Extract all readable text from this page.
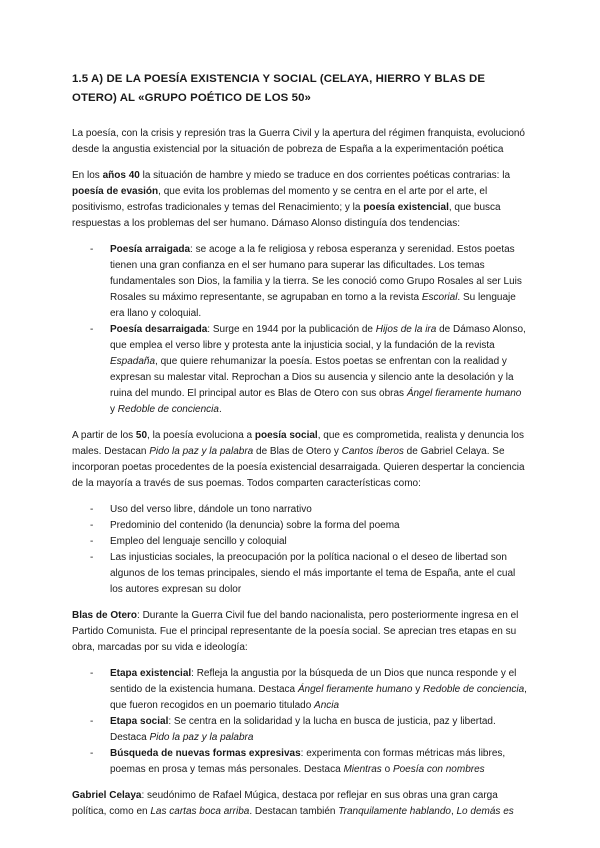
1.5 A) DE LA POESÍA EXISTENCIA Y SOCIAL (CELAYA, HIERRO Y BLAS DE OTERO) AL «GRUPO POÉTICO DE LOS 50»

La poesía, con la crisis y represión tras la Guerra Civil y la apertura del régimen franquista, evolucionó desde la angustia existencial por la situación de pobreza de España a la experimentación poética

En los años 40 la situación de hambre y miedo se traduce en dos corrientes poéticas contrarias: la poesía de evasión, que evita los problemas del momento y se centra en el arte por el arte, el positivismo, estrofas tradicionales y temas del Renacimiento; y la poesía existencial, que busca respuestas a los problemas del ser humano. Dámaso Alonso distinguía dos tendencias:

- Poesía arraigada: se acoge a la fe religiosa y rebosa esperanza y serenidad. Estos poetas tienen una gran confianza en el ser humano para superar las dificultades. Los temas fundamentales son Dios, la familia y la tierra. Se les conoció como Grupo Rosales al ser Luis Rosales su máximo representante, se agrupaban en torno a la revista Escorial. Su lenguaje era llano y coloquial.
- Poesía desarraigada: Surge en 1944 por la publicación de Hijos de la ira de Dámaso Alonso, que emplea el verso libre y protesta ante la injusticia social, y la fundación de la revista Espadaña, que quiere rehumanizar la poesía. Estos poetas se enfrentan con la realidad y expresan su malestar vital. Reprochan a Dios su ausencia y silencio ante la desolación y la ruina del mundo. El principal autor es Blas de Otero con sus obras Ángel fieramente humano y Redoble de conciencia.

A partir de los 50, la poesía evoluciona a poesía social, que es comprometida, realista y denuncia los males. Destacan Pido la paz y la palabra de Blas de Otero y Cantos íberos de Gabriel Celaya. Se incorporan poetas procedentes de la poesía existencial desarraigada. Quieren despertar la conciencia de la mayoría a través de sus poemas. Todos comparten características como:

- Uso del verso libre, dándole un tono narrativo
- Predominio del contenido (la denuncia) sobre la forma del poema
- Empleo del lenguaje sencillo y coloquial
- Las injusticias sociales, la preocupación por la política nacional o el deseo de libertad son algunos de los temas principales, siendo el más importante el tema de España, ante el cual los autores expresan su dolor

Blas de Otero: Durante la Guerra Civil fue del bando nacionalista, pero posteriormente ingresa en el Partido Comunista. Fue el principal representante de la poesía social. Se aprecian tres etapas en su obra, marcadas por su vida e ideología:

- Etapa existencial: Refleja la angustia por la búsqueda de un Dios que nunca responde y el sentido de la existencia humana. Destaca Ángel fieramente humano y Redoble de conciencia, que fueron recogidos en un poemario titulado Ancia
- Etapa social: Se centra en la solidaridad y la lucha en busca de justicia, paz y libertad. Destaca Pido la paz y la palabra
- Búsqueda de nuevas formas expresivas: experimenta con formas métricas más libres, poemas en prosa y temas más personales. Destaca Mientras o Poesía con nombres

Gabriel Celaya: seudónimo de Rafael Múgica, destaca por reflejar en sus obras una gran carga política, como en Las cartas boca arriba. Destacan también Tranquilamente hablando, Lo demás es
